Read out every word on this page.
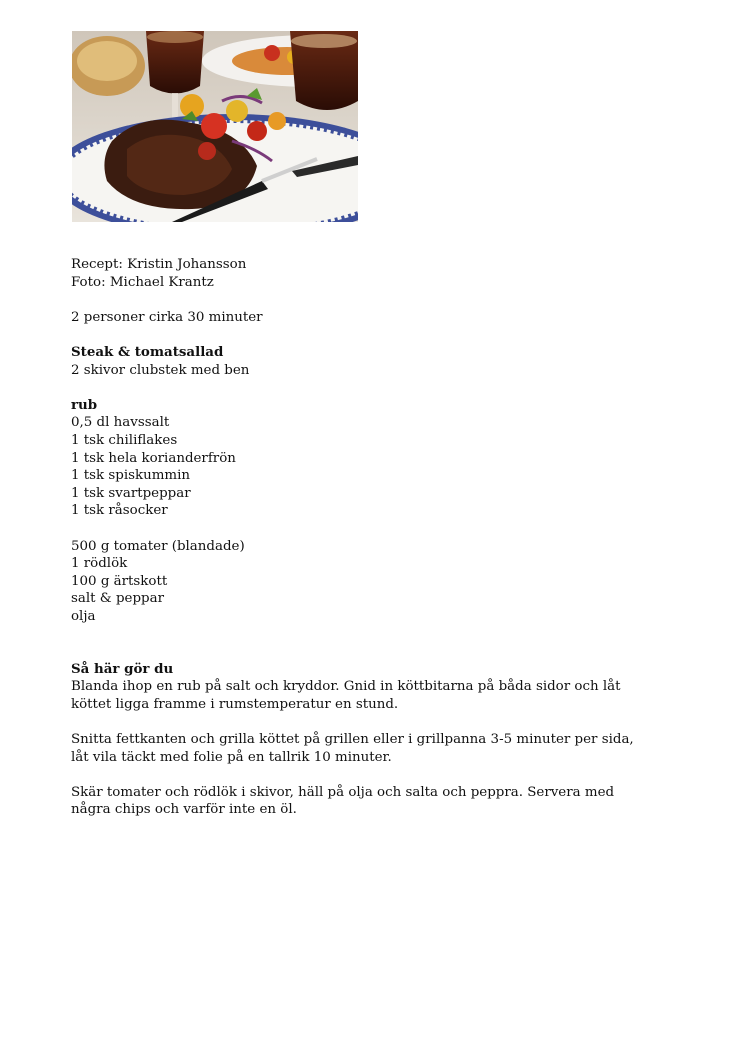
Recept: Kristin Johansson

Foto: Michael Krantz

2 personer cirka 30 minuter

Steak & tomatsallad

2 skivor clubstek med ben

rub

0,5 dl havssalt

1 tsk chiliflakes

1 tsk hela korianderfrön

1 tsk spiskummin

1 tsk svartpeppar

1 tsk råsocker

500 g tomater (blandade)

1 rödlök

100 g ärtskott

salt & peppar

olja

Så här gör du

Blanda ihop en rub på salt och kryddor. Gnid in köttbitarna på båda sidor och låt

köttet ligga framme i rumstemperatur en stund.

Snitta fettkanten och grilla köttet på grillen eller i grillpanna 3-5 minuter per sida,

låt vila täckt med folie på en tallrik 10 minuter.

Skär tomater och rödlök i skivor, häll på olja och salta och peppra. Servera med

några chips och varför inte en öl.
